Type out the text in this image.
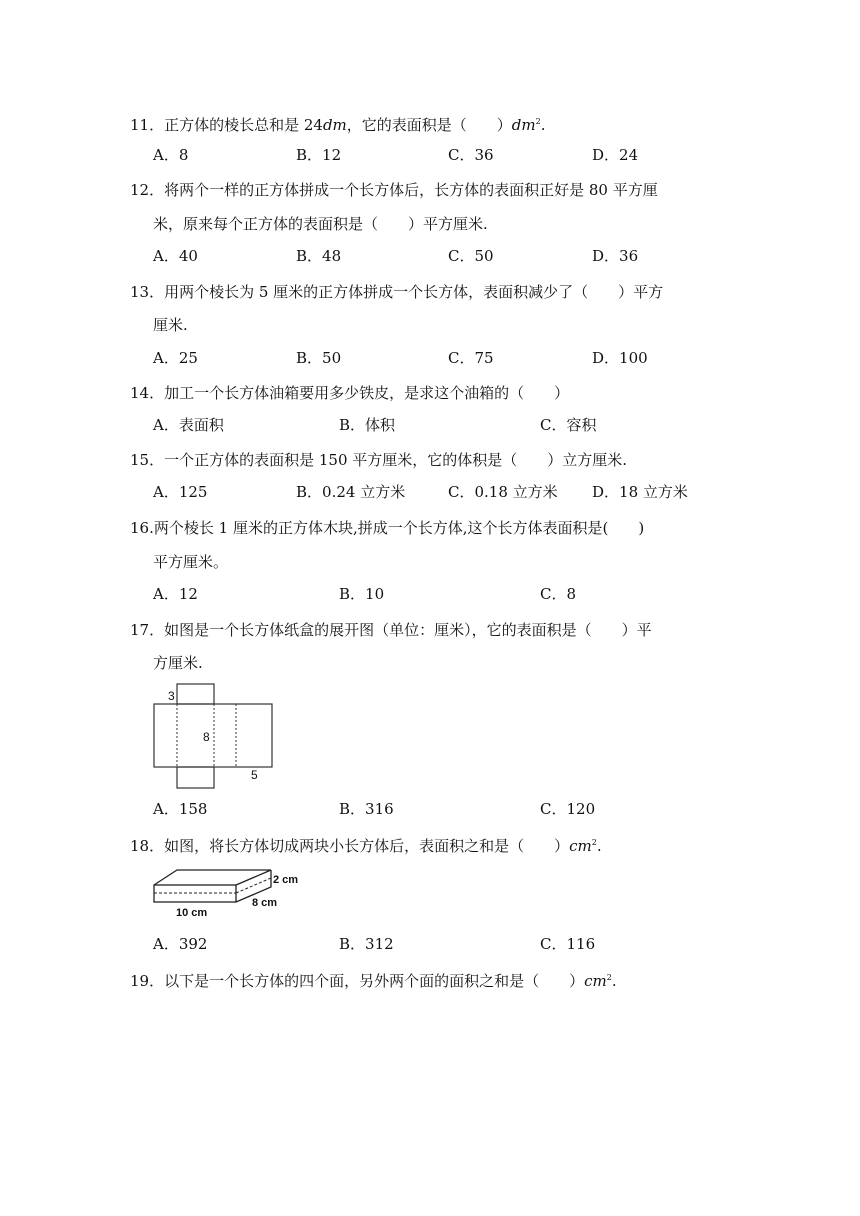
11．正方体的棱长总和是 24dm，它的表面积是（　　）$dm^2$.
A．8	B．12	C．36	D．24
12．将两个一样的正方体拼成一个长方体后，长方体的表面积正好是 80 平方厘
米，原来每个正方体的表面积是（　　）平方厘米.
A．40	B．48	C．50	D．36
13．用两个棱长为 5 厘米的正方体拼成一个长方体，表面积减少了（　　）平方
厘米.
A．25	B．50	C．75	D．100
14．加工一个长方体油箱要用多少铁皮，是求这个油箱的（　　）
A．表面积	B．体积	C．容积
15．一个正方体的表面积是 150 平方厘米，它的体积是（　　）立方厘米.
A．125	B．0.24 立方米	C．0.18 立方米 D．18 立方米
16.两个棱长 1 厘米的正方体木块,拼成一个长方体,这个长方体表面积是(　　)
平方厘米。
A．12	B．10	C．8
17．如图是一个长方体纸盒的展开图（单位：厘米），它的表面积是（　　）平
方厘米.
3
8
5
A．158	B．316	C．120
18．如图，将长方体切成两块小长方体后，表面积之和是（　　）$cm^2$.
2 cm
10 cm
8 cm
A．392	B．312	C．116
19．以下是一个长方体的四个面，另外两个面的面积之和是（　　）$cm^2$.
